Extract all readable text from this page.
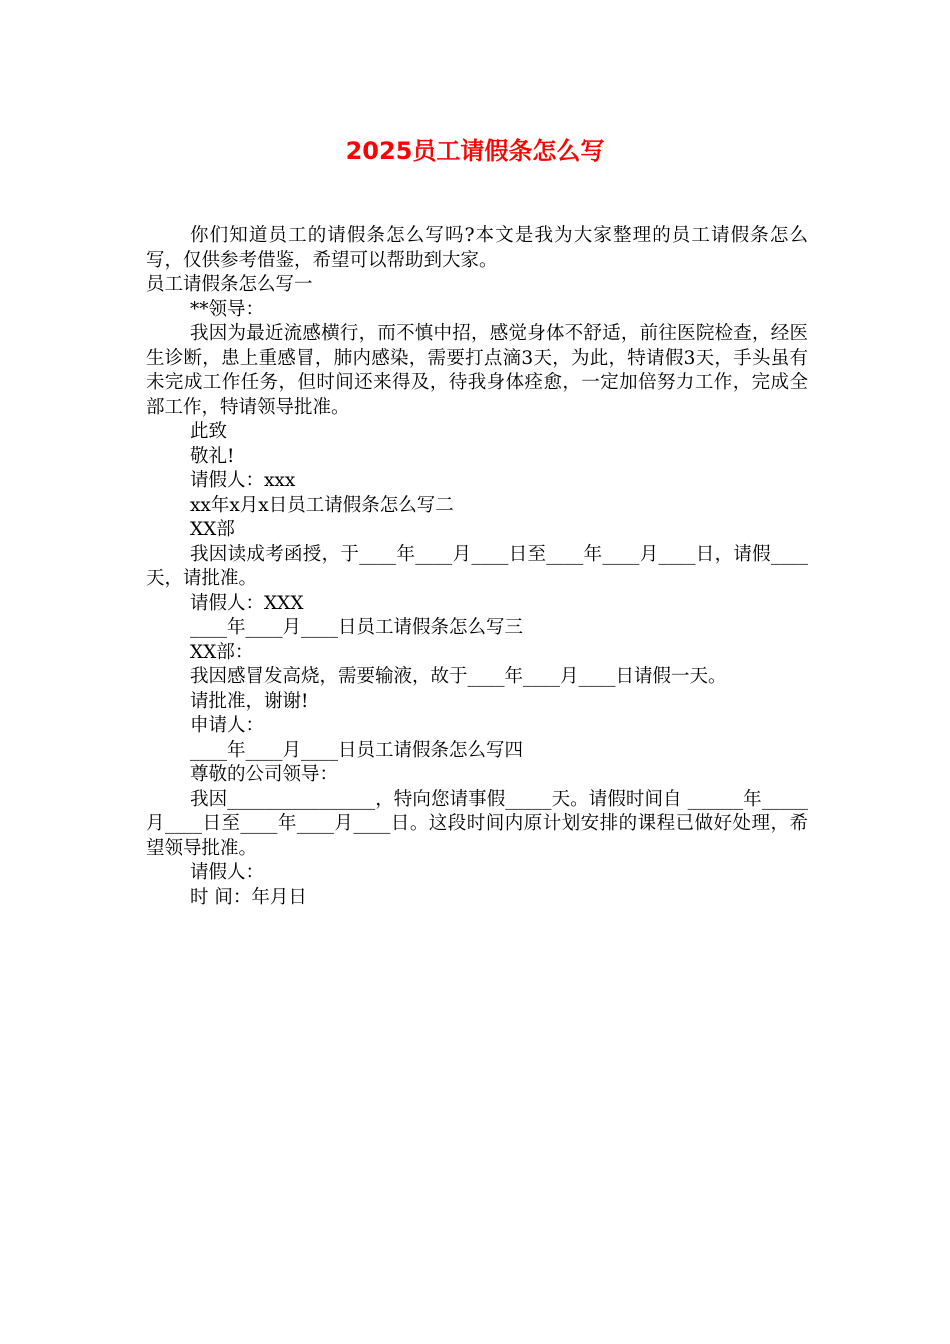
2025员工请假条怎么写

你们知道员工的请假条怎么写吗?本文是我为大家整理的员工请假条怎么写，仅供参考借鉴，希望可以帮助到大家。

员工请假条怎么写一

**领导：

我因为最近流感横行，而不慎中招，感觉身体不舒适，前往医院检查，经医生诊断，患上重感冒，肺内感染，需要打点滴3天，为此，特请假3天，手头虽有未完成工作任务，但时间还来得及，待我身体痊愈，一定加倍努力工作，完成全部工作，特请领导批准。

此致

敬礼!

请假人：xxx

xx年x月x日员工请假条怎么写二

XX部

我因读成考函授，于____年____月____日至____年____月____日，请假____天，请批准。

请假人：XXX

____年____月____日员工请假条怎么写三

XX部：

我因感冒发高烧，需要输液，故于____年____月____日请假一天。

请批准，谢谢!

申请人：

____年____月____日员工请假条怎么写四

尊敬的公司领导：

我因________________，特向您请事假_____天。请假时间自 ______年_____月____日至____年____月____日。这段时间内原计划安排的课程已做好处理，希望领导批准。

请假人：

时 间：年月日
